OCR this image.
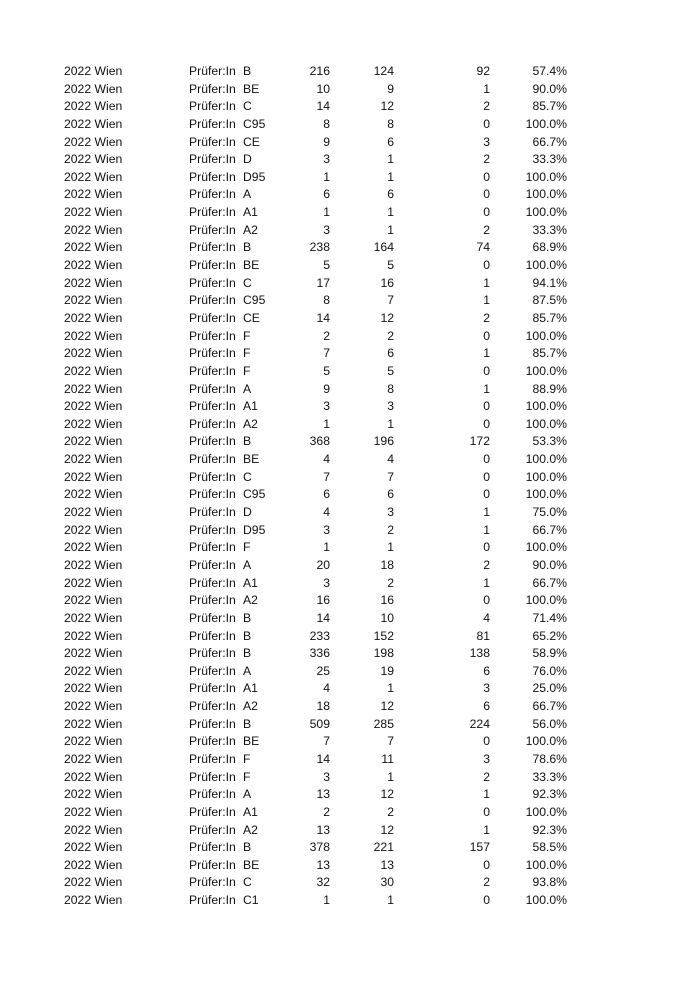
2022 Wien	Prüfer:In B	216	124	92	57.4%
2022 Wien	Prüfer:In BE	10	9	1	90.0%
2022 Wien	Prüfer:In C	14	12	2	85.7%
2022 Wien	Prüfer:In C95	8	8	0	100.0%
2022 Wien	Prüfer:In CE	9	6	3	66.7%
2022 Wien	Prüfer:In D	3	1	2	33.3%
2022 Wien	Prüfer:In D95	1	1	0	100.0%
2022 Wien	Prüfer:In A	6	6	0	100.0%
2022 Wien	Prüfer:In A1	1	1	0	100.0%
2022 Wien	Prüfer:In A2	3	1	2	33.3%
2022 Wien	Prüfer:In B	238	164	74	68.9%
2022 Wien	Prüfer:In BE	5	5	0	100.0%
2022 Wien	Prüfer:In C	17	16	1	94.1%
2022 Wien	Prüfer:In C95	8	7	1	87.5%
2022 Wien	Prüfer:In CE	14	12	2	85.7%
2022 Wien	Prüfer:In F	2	2	0	100.0%
2022 Wien	Prüfer:In F	7	6	1	85.7%
2022 Wien	Prüfer:In F	5	5	0	100.0%
2022 Wien	Prüfer:In A	9	8	1	88.9%
2022 Wien	Prüfer:In A1	3	3	0	100.0%
2022 Wien	Prüfer:In A2	1	1	0	100.0%
2022 Wien	Prüfer:In B	368	196	172	53.3%
2022 Wien	Prüfer:In BE	4	4	0	100.0%
2022 Wien	Prüfer:In C	7	7	0	100.0%
2022 Wien	Prüfer:In C95	6	6	0	100.0%
2022 Wien	Prüfer:In D	4	3	1	75.0%
2022 Wien	Prüfer:In D95	3	2	1	66.7%
2022 Wien	Prüfer:In F	1	1	0	100.0%
2022 Wien	Prüfer:In A	20	18	2	90.0%
2022 Wien	Prüfer:In A1	3	2	1	66.7%
2022 Wien	Prüfer:In A2	16	16	0	100.0%
2022 Wien	Prüfer:In B	14	10	4	71.4%
2022 Wien	Prüfer:In B	233	152	81	65.2%
2022 Wien	Prüfer:In B	336	198	138	58.9%
2022 Wien	Prüfer:In A	25	19	6	76.0%
2022 Wien	Prüfer:In A1	4	1	3	25.0%
2022 Wien	Prüfer:In A2	18	12	6	66.7%
2022 Wien	Prüfer:In B	509	285	224	56.0%
2022 Wien	Prüfer:In BE	7	7	0	100.0%
2022 Wien	Prüfer:In F	14	11	3	78.6%
2022 Wien	Prüfer:In F	3	1	2	33.3%
2022 Wien	Prüfer:In A	13	12	1	92.3%
2022 Wien	Prüfer:In A1	2	2	0	100.0%
2022 Wien	Prüfer:In A2	13	12	1	92.3%
2022 Wien	Prüfer:In B	378	221	157	58.5%
2022 Wien	Prüfer:In BE	13	13	0	100.0%
2022 Wien	Prüfer:In C	32	30	2	93.8%
2022 Wien	Prüfer:In C1	1	1	0	100.0%
